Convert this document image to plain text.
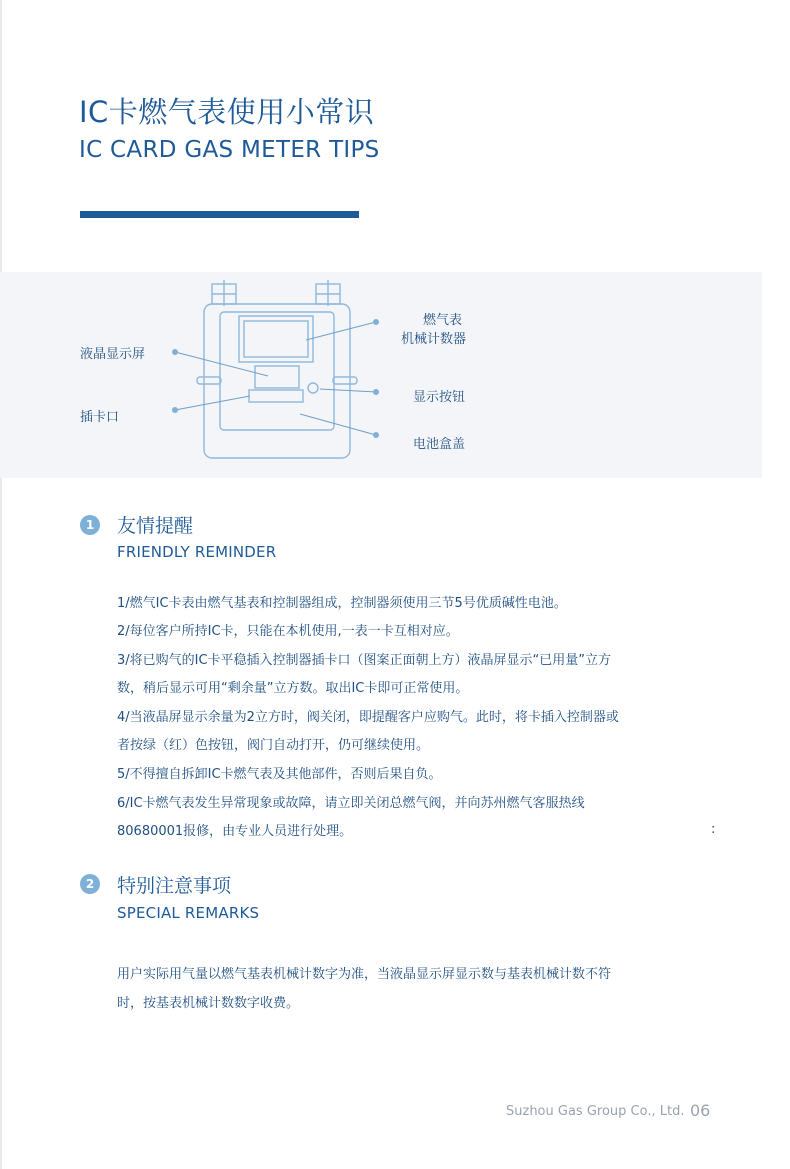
IC卡燃气表使用小常识
IC CARD GAS METER TIPS
液晶显示屏
插卡口
燃气表
机械计数器
显示按钮
电池盒盖
1	友情提醒
FRIENDLY REMINDER
1/燃气IC卡表由燃气基表和控制器组成，控制器须使用三节5号优质碱性电池。
2/每位客户所持IC卡，只能在本机使用,一表一卡互相对应。
3/将已购气的IC卡平稳插入控制器插卡口（图案正面朝上方）液晶屏显示“已用量”立方
数，稍后显示可用“剩余量”立方数。取出IC卡即可正常使用。
4/当液晶屏显示余量为2立方时，阀关闭，即提醒客户应购气。此时，将卡插入控制器或
者按绿（红）色按钮，阀门自动打开，仍可继续使用。
5/不得擅自拆卸IC卡燃气表及其他部件，否则后果自负。
6/IC卡燃气表发生异常现象或故障，请立即关闭总燃气阀，并向苏州燃气客服热线
80680001报修，由专业人员进行处理。	:
2	特别注意事项
SPECIAL REMARKS
用户实际用气量以燃气基表机械计数字为准，当液晶显示屏显示数与基表机械计数不符
时，按基表机械计数数字收费。
Suzhou Gas Group Co., Ltd. 06
